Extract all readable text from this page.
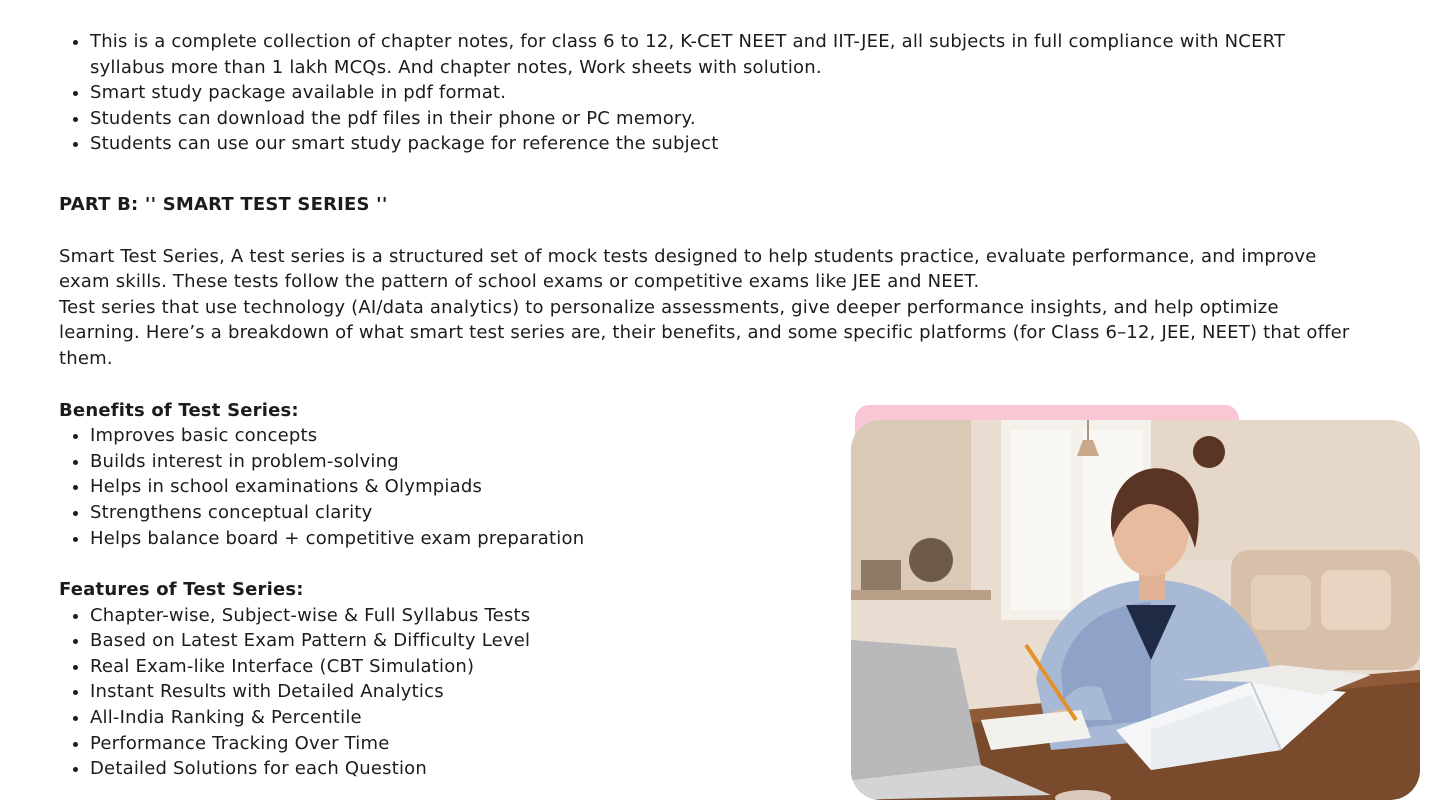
• This is a complete collection of chapter notes, for class 6 to 12, K-CET NEET and IIT-JEE, all subjects in full compliance with NCERT syllabus more than 1 lakh MCQs. And chapter notes, Work sheets with solution.
• Smart study package available in pdf format.
• Students can download the pdf files in their phone or PC memory.
• Students can use our smart study package for reference the subject

PART B: '' SMART TEST SERIES ''

Smart Test Series, A test series is a structured set of mock tests designed to help students practice, evaluate performance, and improve exam skills. These tests follow the pattern of school exams or competitive exams like JEE and NEET.

Test series that use technology (AI/data analytics) to personalize assessments, give deeper performance insights, and help optimize learning. Here’s a breakdown of what smart test series are, their benefits, and some specific platforms (for Class 6–12, JEE, NEET) that offer them.

Benefits of Test Series:

• Improves basic concepts
• Builds interest in problem-solving
• Helps in school examinations & Olympiads
• Strengthens conceptual clarity
• Helps balance board + competitive exam preparation

Features of Test Series:

• Chapter-wise, Subject-wise & Full Syllabus Tests
• Based on Latest Exam Pattern & Difficulty Level
• Real Exam-like Interface (CBT Simulation)
• Instant Results with Detailed Analytics
• All-India Ranking & Percentile
• Performance Tracking Over Time
• Detailed Solutions for each Question
